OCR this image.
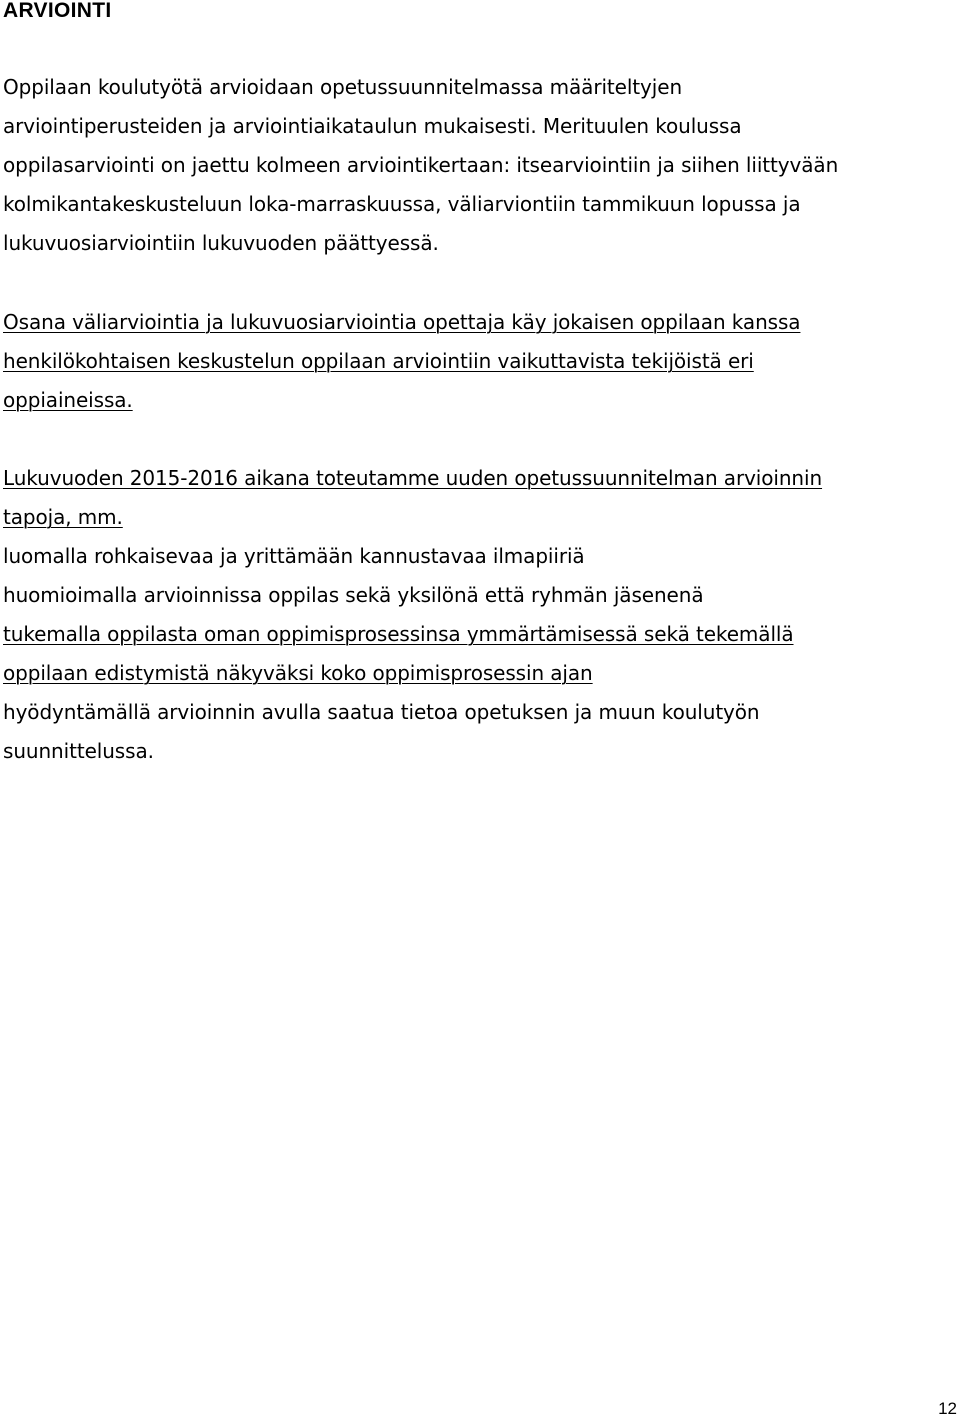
ARVIOINTI

Oppilaan koulutyötä arvioidaan opetussuunnitelmassa määriteltyjen
arviointiperusteiden ja arviointiaikataulun mukaisesti. Merituulen koulussa
oppilasarviointi on jaettu kolmeen arviointikertaan: itsearviointiin ja siihen liittyvään
kolmikantakeskusteluun loka-marraskuussa, väliarviontiin tammikuun lopussa ja
lukuvuosiarviointiin lukuvuoden päättyessä.

Osana väliarviointia ja lukuvuosiarviointia opettaja käy jokaisen oppilaan kanssa
henkilökohtaisen keskustelun oppilaan arviointiin vaikuttavista tekijöistä eri
oppiaineissa.

Lukuvuoden 2015-2016 aikana toteutamme uuden opetussuunnitelman arvioinnin
tapoja, mm.

luomalla rohkaisevaa ja yrittämään kannustavaa ilmapiiriä
huomioimalla arvioinnissa oppilas sekä yksilönä että ryhmän jäsenenä
tukemalla oppilasta oman oppimisprosessinsa ymmärtämisessä sekä tekemällä
oppilaan edistymistä näkyväksi koko oppimisprosessin ajan
hyödyntämällä arvioinnin avulla saatua tietoa opetuksen ja muun koulutyön
suunnittelussa.
12
